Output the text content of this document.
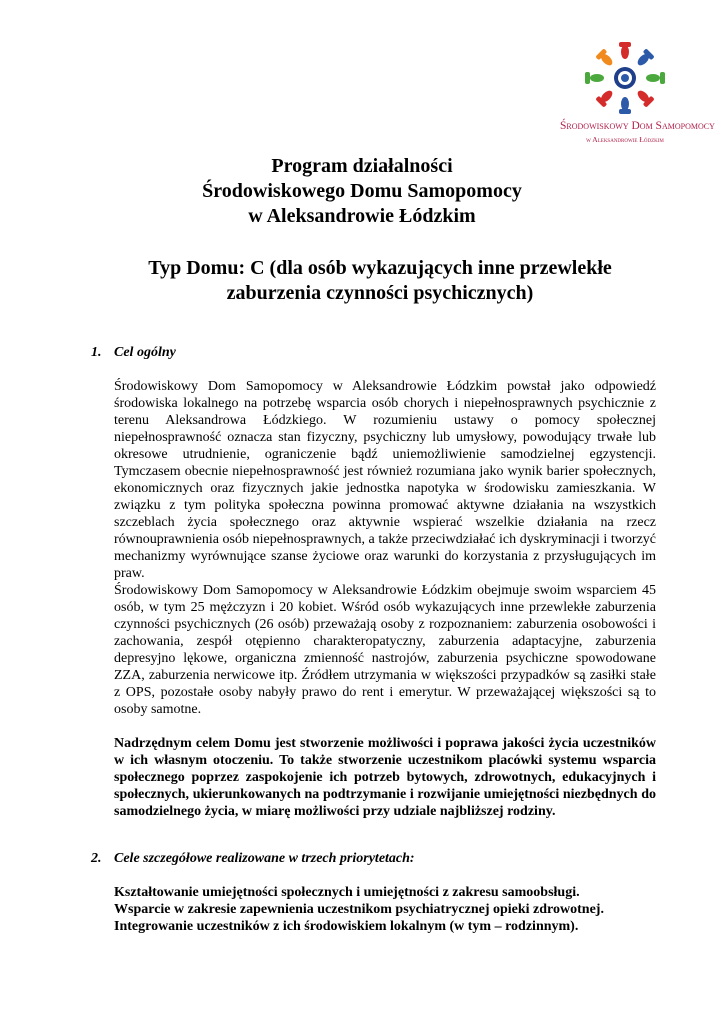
Środowiskowy Dom Samopomocy
w Aleksandrowie Łódzkim
Program działalności
Środowiskowego Domu Samopomocy
w Aleksandrowie Łódzkim
Typ Domu: C (dla osób wykazujących inne przewlekłe
zaburzenia czynności psychicznych)
1. Cel ogólny

Środowiskowy Dom Samopomocy w Aleksandrowie Łódzkim powstał jako odpowiedź środowiska lokalnego na potrzebę wsparcia osób chorych i niepełnosprawnych psychicznie z terenu Aleksandrowa Łódzkiego. W rozumieniu ustawy o pomocy społecznej niepełnosprawność oznacza stan fizyczny, psychiczny lub umysłowy, powodujący trwałe lub okresowe utrudnienie, ograniczenie bądź uniemożliwienie samodzielnej egzystencji. Tymczasem obecnie niepełnosprawność jest również rozumiana jako wynik barier społecznych, ekonomicznych oraz fizycznych jakie jednostka napotyka w środowisku zamieszkania. W związku z tym polityka społeczna powinna promować aktywne działania na wszystkich szczeblach życia społecznego oraz aktywnie wspierać wszelkie działania na rzecz równouprawnienia osób niepełnosprawnych, a także przeciwdziałać ich dyskryminacji i tworzyć mechanizmy wyrównujące szanse życiowe oraz warunki do korzystania z przysługujących im praw.

Środowiskowy Dom Samopomocy w Aleksandrowie Łódzkim obejmuje swoim wsparciem 45 osób, w tym 25 mężczyzn i 20 kobiet. Wśród osób wykazujących inne przewlekłe zaburzenia czynności psychicznych (26 osób) przeważają osoby z rozpoznaniem: zaburzenia osobowości i zachowania, zespół otępienno charakteropatyczny, zaburzenia adaptacyjne, zaburzenia depresyjno lękowe, organiczna zmienność nastrojów, zaburzenia psychiczne spowodowane ZZA, zaburzenia nerwicowe itp. Źródłem utrzymania w większości przypadków są zasiłki stałe z OPS, pozostałe osoby nabyły prawo do rent i emerytur. W przeważającej większości są to osoby samotne.

Nadrzędnym celem Domu jest stworzenie możliwości i poprawa jakości życia uczestników w ich własnym otoczeniu. To także stworzenie uczestnikom placówki systemu wsparcia społecznego poprzez zaspokojenie ich potrzeb bytowych, zdrowotnych, edukacyjnych i społecznych, ukierunkowanych na podtrzymanie i rozwijanie umiejętności niezbędnych do samodzielnego życia, w miarę możliwości przy udziale najbliższej rodziny.

2. Cele szczegółowe realizowane w trzech priorytetach:
Kształtowanie umiejętności społecznych i umiejętności z zakresu samoobsługi.
Wsparcie w zakresie zapewnienia uczestnikom psychiatrycznej opieki zdrowotnej.
Integrowanie uczestników z ich środowiskiem lokalnym (w tym – rodzinnym).
